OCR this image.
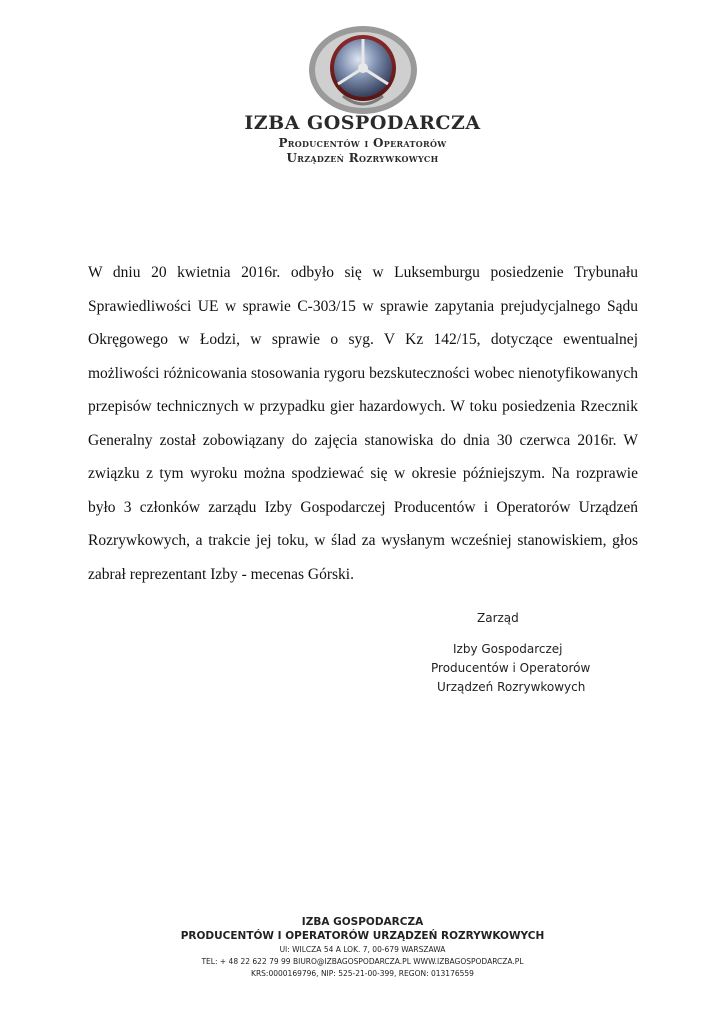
IZBA GOSPODARCZA
Producentów i Operatorów
Urządzeń Rozrywkowych

W dniu 20 kwietnia 2016r. odbyło się w Luksemburgu posiedzenie Trybunału Sprawiedliwości UE w sprawie C-303/15 w sprawie zapytania prejudycjalnego Sądu Okręgowego w Łodzi, w sprawie o syg. V Kz 142/15, dotyczące ewentualnej możliwości różnicowania stosowania rygoru bezskuteczności wobec nienotyfikowanych przepisów technicznych w przypadku gier hazardowych. W toku posiedzenia Rzecznik Generalny został zobowiązany do zajęcia stanowiska do dnia 30 czerwca 2016r. W związku z tym wyroku można spodziewać się w okresie późniejszym. Na rozprawie było 3 członków zarządu Izby Gospodarczej Producentów i Operatorów Urządzeń Rozrywkowych, a trakcie jej toku, w ślad za wysłanym wcześniej stanowiskiem, głos zabrał reprezentant Izby - mecenas Górski.

Zarząd
Izby Gospodarczej
Producentów i Operatorów
Urządzeń Rozrywkowych
IZBA GOSPODARCZA
PRODUCENTÓW I OPERATORÓW URZĄDZEŃ ROZRYWKOWYCH
Ul: WILCZA 54 A LOK. 7, 00-679 WARSZAWA
TEL: + 48 22 622 79 99 BIURO@IZBAGOSPODARCZA.PL WWW.IZBAGOSPODARCZA.PL
KRS:0000169796, NIP: 525-21-00-399, REGON: 013176559
